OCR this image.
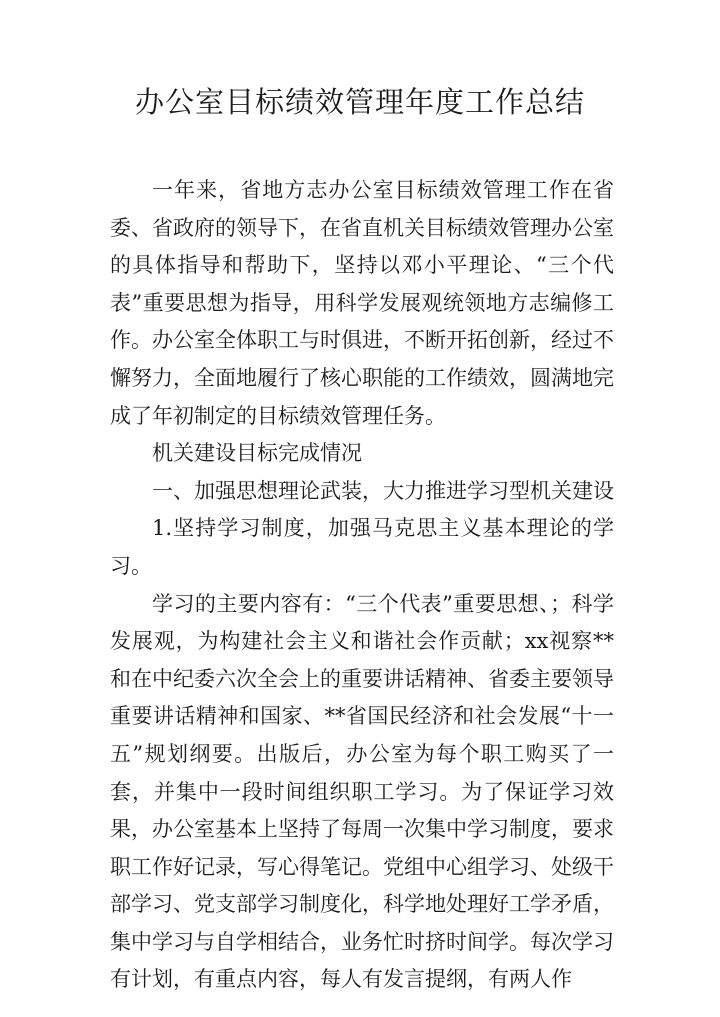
办公室目标绩效管理年度工作总结

一年来，省地方志办公室目标绩效管理工作在省委、省政府的领导下，在省直机关目标绩效管理办公室的具体指导和帮助下，坚持以邓小平理论、“三个代表”重要思想为指导，用科学发展观统领地方志编修工作。办公室全体职工与时俱进，不断开拓创新，经过不懈努力，全面地履行了核心职能的工作绩效，圆满地完成了年初制定的目标绩效管理任务。

机关建设目标完成情况

一、加强思想理论武装，大力推进学习型机关建设

1.坚持学习制度，加强马克思主义基本理论的学习。

学习的主要内容有：“三个代表”重要思想、；科学发展观，为构建社会主义和谐社会作贡献；xx视察**和在中纪委六次全会上的重要讲话精神、省委主要领导重要讲话精神和国家、**省国民经济和社会发展“十一五”规划纲要。出版后，办公室为每个职工购买了一套，并集中一段时间组织职工学习。为了保证学习效果，办公室基本上坚持了每周一次集中学习制度，要求职工作好记录，写心得笔记。党组中心组学习、处级干部学习、党支部学习制度化，科学地处理好工学矛盾，集中学习与自学相结合，业务忙时挤时间学。每次学习有计划，有重点内容，每人有发言提纲，有两人作
